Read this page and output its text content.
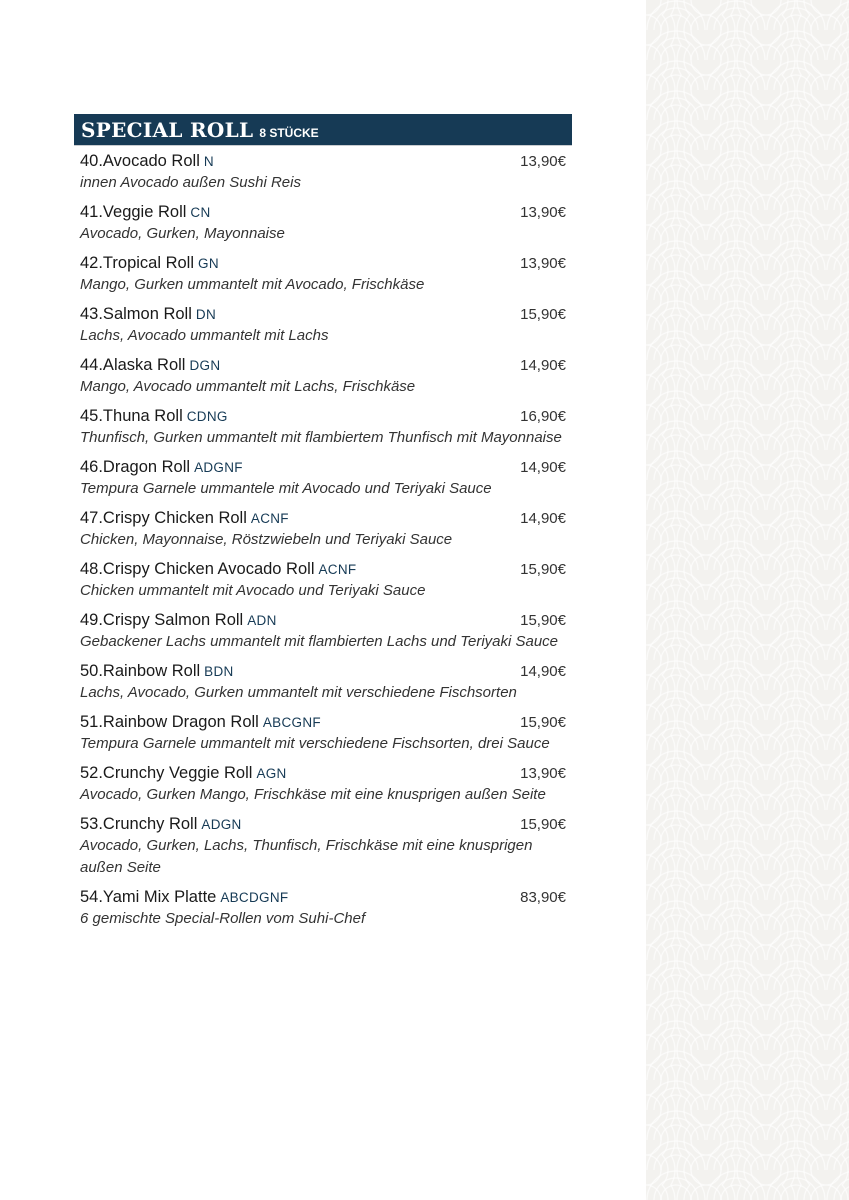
SPECIAL ROLL 8 STÜCKE
40.Avocado Roll N	13,90€
innen Avocado außen Sushi Reis
41.Veggie Roll CN	13,90€
Avocado, Gurken, Mayonnaise
42.Tropical Roll GN	13,90€
Mango, Gurken ummantelt mit Avocado, Frischkäse
43.Salmon Roll DN	15,90€
Lachs, Avocado ummantelt mit Lachs
44.Alaska Roll DGN	14,90€
Mango, Avocado ummantelt mit Lachs, Frischkäse
45.Thuna Roll CDNG	16,90€
Thunfisch, Gurken ummantelt mit flambiertem Thunfisch mit Mayonnaise
46.Dragon Roll ADGNF	14,90€
Tempura Garnele ummantele mit Avocado und Teriyaki Sauce
47.Crispy Chicken Roll ACNF	14,90€
Chicken, Mayonnaise, Röstzwiebeln und Teriyaki Sauce
48.Crispy Chicken Avocado Roll ACNF	15,90€
Chicken ummantelt mit Avocado und Teriyaki Sauce
49.Crispy Salmon Roll ADN	15,90€
Gebackener Lachs ummantelt mit flambierten Lachs und Teriyaki Sauce
50.Rainbow Roll BDN	14,90€
Lachs, Avocado, Gurken ummantelt mit verschiedene Fischsorten
51.Rainbow Dragon Roll ABCGNF	15,90€
Tempura Garnele ummantelt mit verschiedene Fischsorten, drei Sauce
52.Crunchy Veggie Roll AGN	13,90€
Avocado, Gurken Mango, Frischkäse mit eine knusprigen außen Seite
53.Crunchy Roll ADGN	15,90€
Avocado, Gurken, Lachs, Thunfisch, Frischkäse mit eine knusprigen außen Seite
54.Yami Mix Platte ABCDGNF	83,90€
6 gemischte Special-Rollen vom Suhi-Chef
